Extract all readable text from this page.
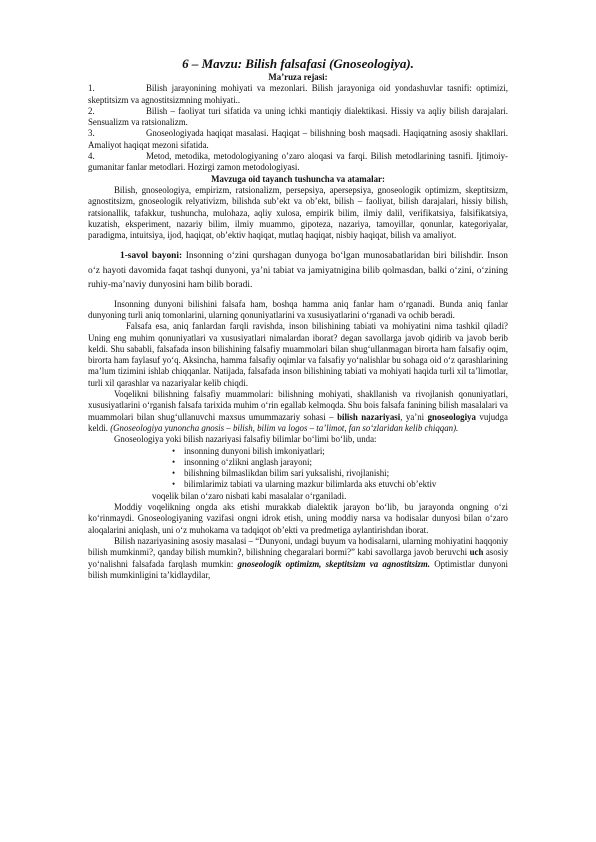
6 – Mavzu: Bilish falsafasi (Gnoseologiya).
Ma’ruza rejasi:
1.	Bilish jarayonining mohiyati va mezonlari. Bilish jarayoniga oid yondashuvlar tasnifi: optimizi, skeptitsizm va agnostitsizmning mohiyati..
2.	Bilish – faoliyat turi sifatida va uning ichki mantiqiy dialektikasi. Hissiy va aqliy bilish darajalari. Sensualizm va ratsionalizm.
3.	Gnoseologiyada haqiqat masalasi. Haqiqat – bilishning bosh maqsadi. Haqiqatning asosiy shakllari. Amaliyot haqiqat mezoni sifatida.
4.	Metod, metodika, metodologiyaning o’zaro aloqasi va farqi. Bilish metodlarining tasnifi. Ijtimoiy-gumanitar fanlar metodlari. Hozirgi zamon metodologiyasi.
Mavzuga oid tayanch tushuncha va atamalar:

Bilish, gnoseologiya, empirizm, ratsionalizm, persepsiya, apersepsiya, gnoseologik optimizm, skeptitsizm, agnostitsizm, gnoseologik relyativizm, bilishda sub’ekt va ob’ekt, bilish – faoliyat, bilish darajalari, hissiy bilish, ratsionallik, tafakkur, tushuncha, mulohaza, aqliy xulosa, empirik bilim, ilmiy dalil, verifikatsiya, falsifikatsiya, kuzatish, eksperiment, nazariy bilim, ilmiy muammo, gipoteza, nazariya, tamoyillar, qonunlar, kategoriyalar, paradigma, intuitsiya, ijod, haqiqat, ob’ektiv haqiqat, mutlaq haqiqat, nisbiy haqiqat, bilish va amaliyot.

1-savol bayoni: Insonning o‘zini qurshagan dunyoga bo‘lgan munosabatlaridan biri bilishdir. Inson o‘z hayoti davomida faqat tashqi dunyoni, ya’ni tabiat va jamiyatnigina bilib qolmasdan, balki o‘zini, o‘zining ruhiy-ma’naviy dunyosini ham bilib boradi.

Insonning dunyoni bilishini falsafa ham, boshqa hamma aniq fanlar ham o‘rganadi. Bunda aniq fanlar dunyoning turli aniq tomonlarini, ularning qonuniyatlarini va xususiyatlarini o‘rganadi va ochib beradi.

Falsafa esa, aniq fanlardan farqli ravishda, inson bilishining tabiati va mohiyatini nima tashkil qiladi? Uning eng muhim qonuniyatlari va xususiyatlari nimalardan iborat? degan savollarga javob qidirib va javob berib keldi. Shu sababli, falsafada inson bilishining falsafiy muammolari bilan shug‘ullanmagan birorta ham falsafiy oqim, birorta ham faylasuf yo‘q. Aksincha, hamma falsafiy oqimlar va falsafiy yo‘nalishlar bu sohaga oid o‘z qarashlarining ma’lum tizimini ishlab chiqqanlar. Natijada, falsafada inson bilishining tabiati va mohiyati haqida turli xil ta’limotlar, turli xil qarashlar va nazariyalar kelib chiqdi.

Voqelikni bilishning falsafiy muammolari: bilishning mohiyati, shakllanish va rivojlanish qonuniyatlari, xususiyatlarini o‘rganish falsafa tarixida muhim o‘rin egallab kelmoqda. Shu bois falsafa fanining bilish masalalari va muammolari bilan shug‘ullanuvchi maxsus umummazariy sohasi – bilish nazariyasi, ya’ni gnoseologiya vujudga keldi. (Gnoseologiya yunoncha gnosis – bilish, bilim va logos – ta’limot, fan so‘zlaridan kelib chiqqan).

Gnoseologiya yoki bilish nazariyasi falsafiy bilimlar bo‘limi bo‘lib, unda:

• insonning dunyoni bilish imkoniyatlari;
• insonning o‘zlikni anglash jarayoni;
• bilishning bilmaslikdan bilim sari yuksalishi, rivojlanishi;
• bilimlarimiz tabiati va ularning mazkur bilimlarda aks etuvchi ob’ektiv
voqelik bilan o‘zaro nisbati kabi masalalar o‘rganiladi.

Moddiy voqelikning ongda aks etishi murakkab dialektik jarayon bo‘lib, bu jarayonda ongning o‘zi ko‘rinmaydi. Gnoseologiyaning vazifasi ongni idrok etish, uning moddiy narsa va hodisalar dunyosi bilan o‘zaro aloqalarini aniqlash, uni o‘z muhokama va tadqiqot ob’ekti va predmetiga aylantirishdan iborat.

Bilish nazariyasining asosiy masalasi – “Dunyoni, undagi buyum va hodisalarni, ularning mohiyatini haqqoniy bilish mumkinmi?, qanday bilish mumkin?, bilishning chegaralari bormi?” kabi savollarga javob beruvchi uch asosiy yo‘nalishni falsafada farqlash mumkin: gnoseologik optimizm, skeptitsizm va agnostitsizm. Optimistlar dunyoni bilish mumkinligini ta’kidlaydilar,
